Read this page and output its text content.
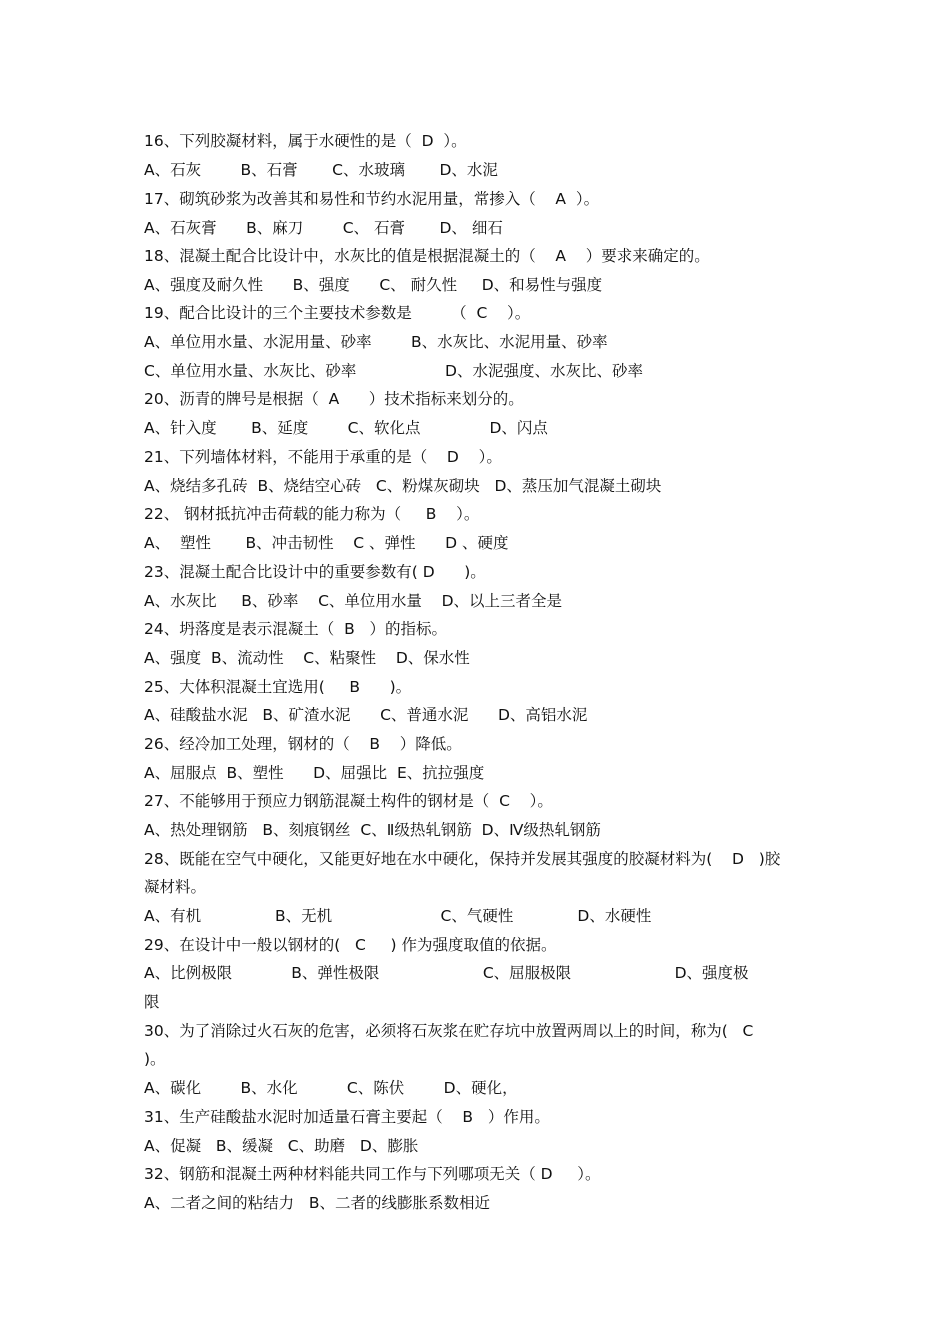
16、下列胶凝材料，属于水硬性的是（  D  ）。
A、石灰        B、石膏       C、水玻璃       D、水泥
17、砌筑砂浆为改善其和易性和节约水泥用量，常掺入（    A  ）。
A、石灰膏      B、麻刀        C、 石膏       D、 细石
18、混凝土配合比设计中，水灰比的值是根据混凝土的（    A    ）要求来确定的。
A、强度及耐久性      B、强度      C、 耐久性     D、和易性与强度
19、配合比设计的三个主要技术参数是        （  C    ）。
A、单位用水量、水泥用量、砂率        B、水灰比、水泥用量、砂率
C、单位用水量、水灰比、砂率                  D、水泥强度、水灰比、砂率
20、沥青的牌号是根据（  A      ）技术指标来划分的。
A、针入度       B、延度        C、软化点              D、闪点
21、下列墙体材料，不能用于承重的是（    D    ）。
A、烧结多孔砖  B、烧结空心砖   C、粉煤灰砌块   D、蒸压加气混凝土砌块
22、 钢材抵抗冲击荷载的能力称为（     B    ）。
A、  塑性       B、冲击韧性    C 、弹性      D 、硬度
23、混凝土配合比设计中的重要参数有( D      )。
A、水灰比     B、砂率    C、单位用水量    D、以上三者全是
24、坍落度是表示混凝土（  B   ）的指标。
A、强度  B、流动性    C、粘聚性    D、保水性
25、大体积混凝土宜选用(     B      )。
A、硅酸盐水泥   B、矿渣水泥      C、普通水泥      D、高铝水泥
26、经冷加工处理，钢材的（    B    ）降低。
A、屈服点  B、塑性      D、屈强比  E、抗拉强度
27、不能够用于预应力钢筋混凝土构件的钢材是（  C    ）。
A、热处理钢筋   B、刻痕钢丝  C、Ⅱ级热轧钢筋  D、Ⅳ级热轧钢筋
28、既能在空气中硬化，又能更好地在水中硬化，保持并发展其强度的胶凝材料为(    D   )胶
凝材料。
A、有机               B、无机                      C、气硬性             D、水硬性
29、在设计中一般以钢材的(   C     ) 作为强度取值的依据。
A、比例极限            B、弹性极限                     C、屈服极限                     D、强度极
限
30、为了消除过火石灰的危害，必须将石灰浆在贮存坑中放置两周以上的时间，称为(   C
)。
A、碳化        B、水化          C、陈伏        D、硬化，
31、生产硅酸盐水泥时加适量石膏主要起（    B   ）作用。
A、促凝   B、缓凝   C、助磨   D、膨胀
32、钢筋和混凝土两种材料能共同工作与下列哪项无关（ D     ）。
A、二者之间的粘结力   B、二者的线膨胀系数相近
